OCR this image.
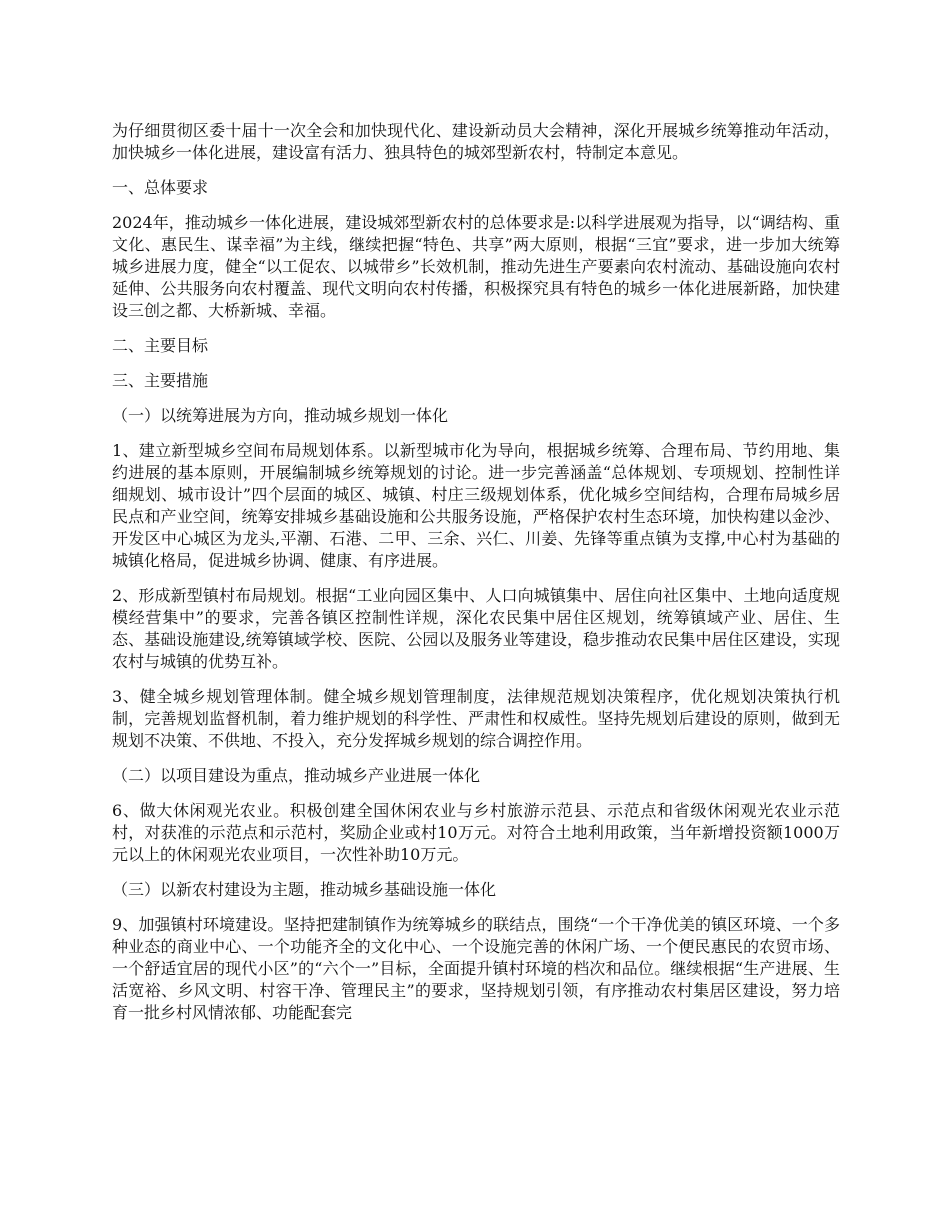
为仔细贯彻区委十届十一次全会和加快现代化、建设新动员大会精神，深化开展城乡统筹推动年活动，加快城乡一体化进展，建设富有活力、独具特色的城郊型新农村，特制定本意见。

一、总体要求

2024年，推动城乡一体化进展，建设城郊型新农村的总体要求是:以科学进展观为指导，以“调结构、重文化、惠民生、谋幸福”为主线，继续把握“特色、共享”两大原则，根据“三宜”要求，进一步加大统筹城乡进展力度，健全“以工促农、以城带乡”长效机制，推动先进生产要素向农村流动、基础设施向农村延伸、公共服务向农村覆盖、现代文明向农村传播，积极探究具有特色的城乡一体化进展新路，加快建设三创之都、大桥新城、幸福。

二、主要目标

三、主要措施

（一）以统筹进展为方向，推动城乡规划一体化

1、建立新型城乡空间布局规划体系。以新型城市化为导向，根据城乡统筹、合理布局、节约用地、集约进展的基本原则，开展编制城乡统筹规划的讨论。进一步完善涵盖“总体规划、专项规划、控制性详细规划、城市设计”四个层面的城区、城镇、村庄三级规划体系，优化城乡空间结构，合理布局城乡居民点和产业空间，统筹安排城乡基础设施和公共服务设施，严格保护农村生态环境，加快构建以金沙、开发区中心城区为龙头,平潮、石港、二甲、三余、兴仁、川姜、先锋等重点镇为支撑,中心村为基础的城镇化格局，促进城乡协调、健康、有序进展。

2、形成新型镇村布局规划。根据“工业向园区集中、人口向城镇集中、居住向社区集中、土地向适度规模经营集中”的要求，完善各镇区控制性详规，深化农民集中居住区规划，统筹镇域产业、居住、生态、基础设施建设,统筹镇域学校、医院、公园以及服务业等建设，稳步推动农民集中居住区建设，实现农村与城镇的优势互补。

3、健全城乡规划管理体制。健全城乡规划管理制度，法律规范规划决策程序，优化规划决策执行机制，完善规划监督机制，着力维护规划的科学性、严肃性和权威性。坚持先规划后建设的原则，做到无规划不决策、不供地、不投入，充分发挥城乡规划的综合调控作用。

（二）以项目建设为重点，推动城乡产业进展一体化

6、做大休闲观光农业。积极创建全国休闲农业与乡村旅游示范县、示范点和省级休闲观光农业示范村，对获准的示范点和示范村，奖励企业或村10万元。对符合土地利用政策，当年新增投资额1000万元以上的休闲观光农业项目，一次性补助10万元。

（三）以新农村建设为主题，推动城乡基础设施一体化

9、加强镇村环境建设。坚持把建制镇作为统筹城乡的联结点，围绕“一个干净优美的镇区环境、一个多种业态的商业中心、一个功能齐全的文化中心、一个设施完善的休闲广场、一个便民惠民的农贸市场、一个舒适宜居的现代小区”的“六个一”目标，全面提升镇村环境的档次和品位。继续根据“生产进展、生活宽裕、乡风文明、村容干净、管理民主”的要求，坚持规划引领，有序推动农村集居区建设，努力培育一批乡村风情浓郁、功能配套完
